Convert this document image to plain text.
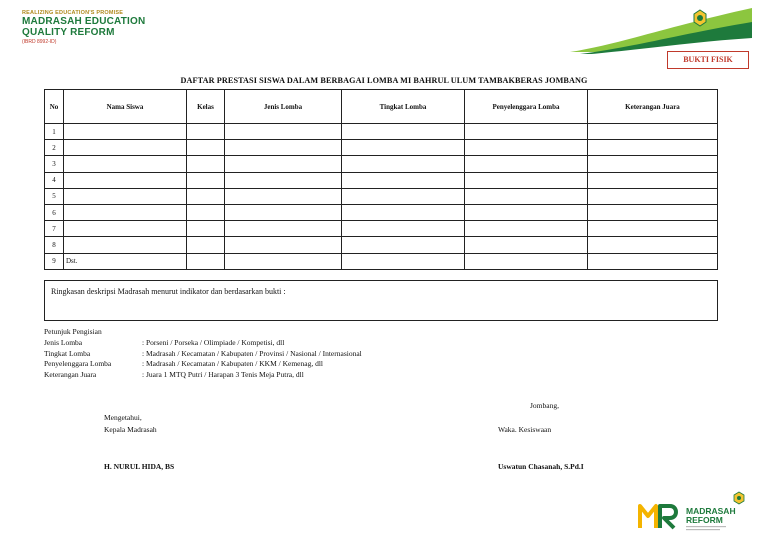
REALIZING EDUCATION'S PROMISE
MADRASAH EDUCATION
QUALITY REFORM
(IBRD 8992-ID)
BUKTI FISIK
DAFTAR PRESTASI SISWA DALAM BERBAGAI LOMBA MI BAHRUL ULUM TAMBAKBERAS JOMBANG
No	Nama Siswa	Kelas	Jenis Lomba	Tingkat Lomba	Penyelenggara Lomba	Keterangan Juara
1						
2						
3						
4						
5						
6						
7						
8						
9	Dst.					
Ringkasan deskripsi Madrasah menurut indikator dan berdasarkan bukti :
Petunjuk Pengisian
Jenis Lomba	: Porseni / Porseka / Olimpiade / Kompetisi, dll
Tingkat Lomba	: Madrasah / Kecamatan / Kabupaten / Provinsi / Nasional / Internasional
Penyelenggara Lomba	: Madrasah / Kecamatan / Kabupaten / KKM / Kemenag, dll
Keterangan Juara	: Juara 1 MTQ Putri / Harapan 3 Tenis Meja Putra, dll
Jombang,
Mengetahui,
Kepala Madrasah	Waka. Kesiswaan
H. NURUL HIDA, BS	Uswatun Chasanah, S.Pd.I
MADRASAH
REFORM
